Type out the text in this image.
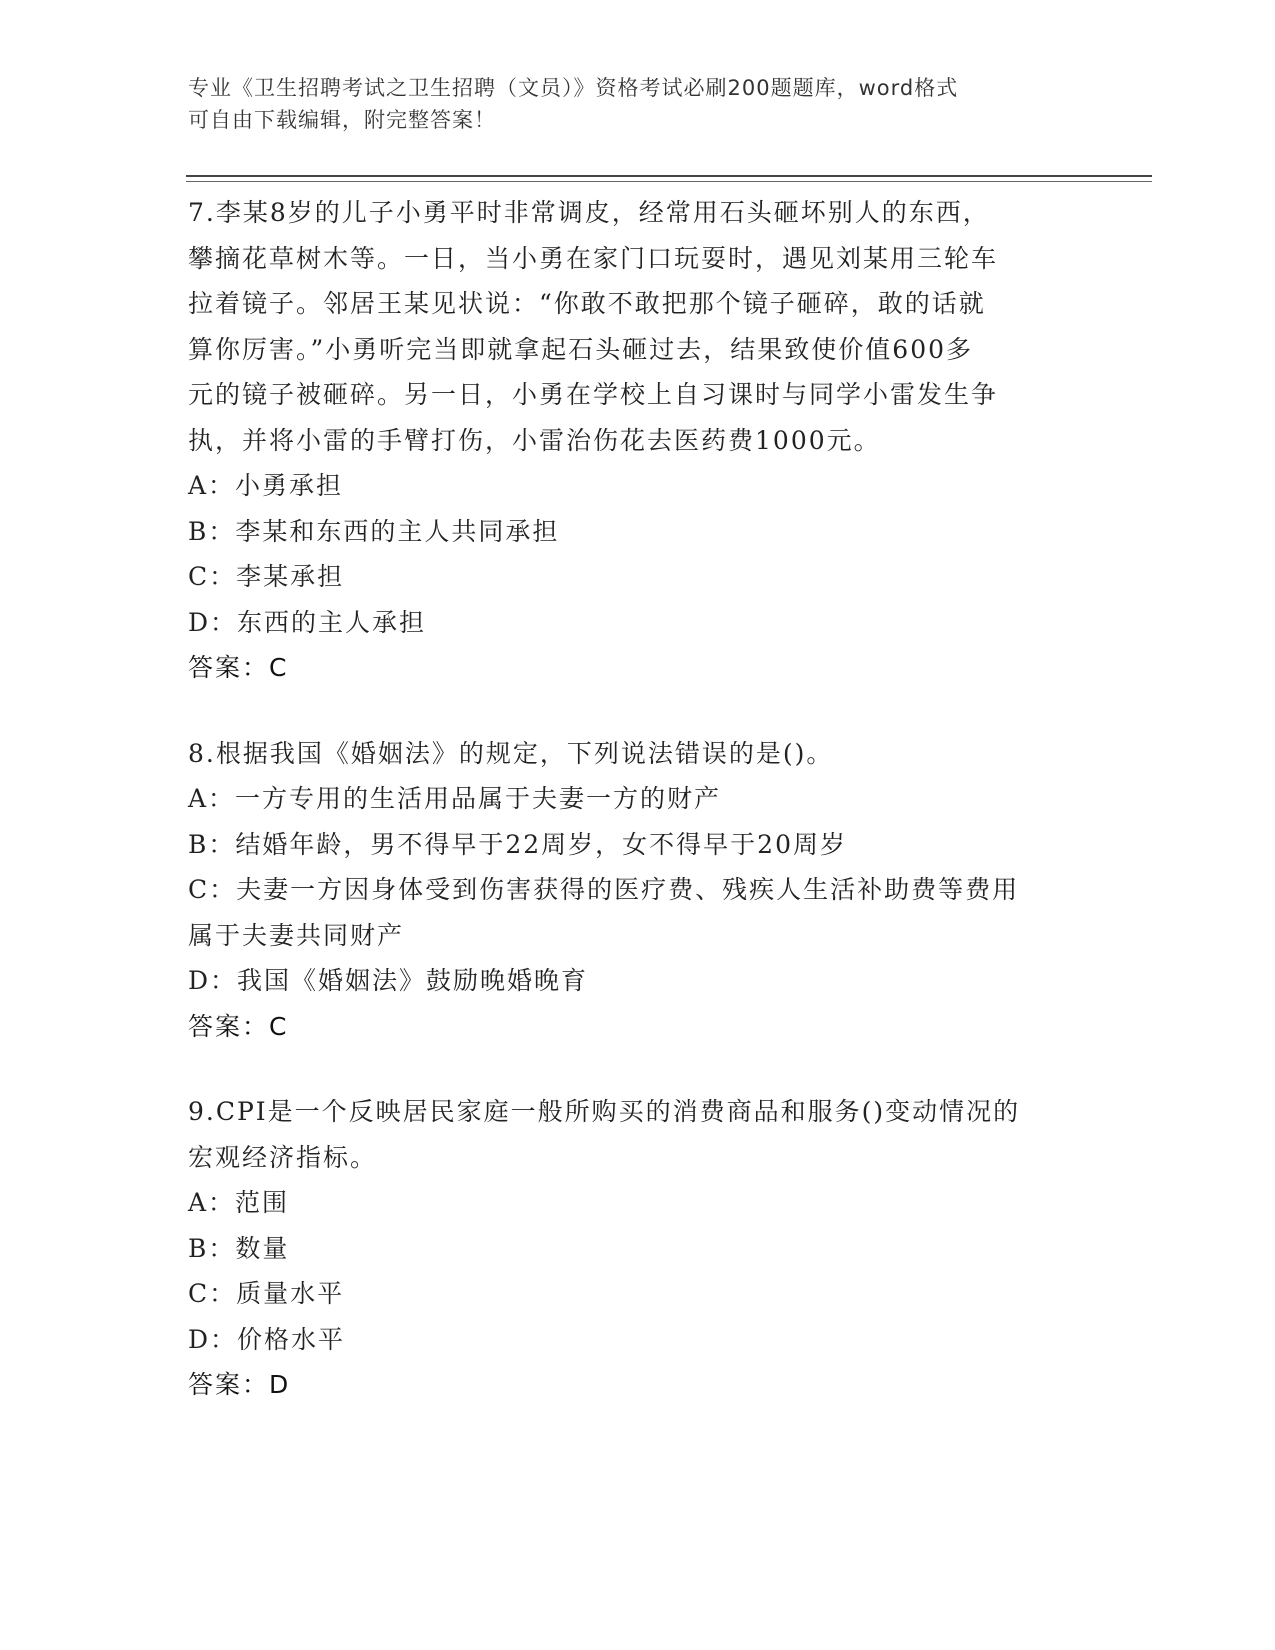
专业《卫生招聘考试之卫生招聘（文员）》资格考试必刷200题题库，word格式
可自由下载编辑，附完整答案！
7.李某8岁的儿子小勇平时非常调皮，经常用石头砸坏别人的东西，
攀摘花草树木等。一日，当小勇在家门口玩耍时，遇见刘某用三轮车
拉着镜子。邻居王某见状说：“你敢不敢把那个镜子砸碎，敢的话就
算你厉害。”小勇听完当即就拿起石头砸过去，结果致使价值600多
元的镜子被砸碎。另一日，小勇在学校上自习课时与同学小雷发生争
执，并将小雷的手臂打伤，小雷治伤花去医药费1000元。
A：小勇承担
B：李某和东西的主人共同承担
C：李某承担
D：东西的主人承担
答案：C
8.根据我国《婚姻法》的规定，下列说法错误的是()。
A：一方专用的生活用品属于夫妻一方的财产
B：结婚年龄，男不得早于22周岁，女不得早于20周岁
C：夫妻一方因身体受到伤害获得的医疗费、残疾人生活补助费等费用
属于夫妻共同财产
D：我国《婚姻法》鼓励晚婚晚育
答案：C
9.CPI是一个反映居民家庭一般所购买的消费商品和服务()变动情况的
宏观经济指标。
A：范围
B：数量
C：质量水平
D：价格水平
答案：D
